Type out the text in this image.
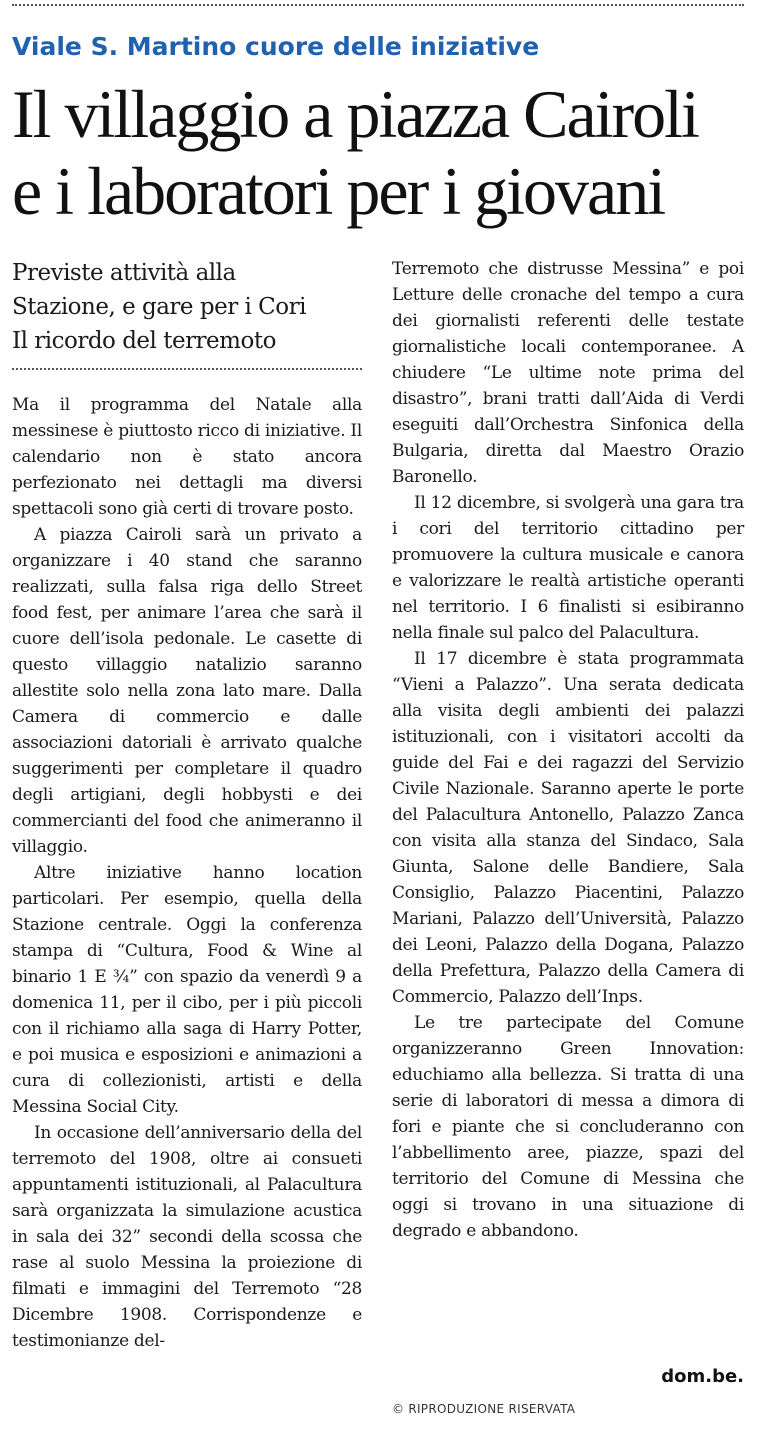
Viale S. Martino cuore delle iniziative
Il villaggio a piazza Cairoli
e i laboratori per i giovani
Previste attività alla
Stazione, e gare per i Cori
Il ricordo del terremoto

Ma il programma del Natale alla messinese è piuttosto ricco di iniziative. Il calendario non è stato ancora perfezionato nei dettagli ma diversi spettacoli sono già certi di trovare posto.

A piazza Cairoli sarà un privato a organizzare i 40 stand che saranno realizzati, sulla falsa riga dello Street food fest, per animare l’area che sarà il cuore dell’isola pedonale. Le casette di questo villaggio natalizio saranno allestite solo nella zona lato mare. Dalla Camera di commercio e dalle associazioni datoriali è arrivato qualche suggerimenti per completare il quadro degli artigiani, degli hobbysti e dei commercianti del food che animeranno il villaggio.

Altre iniziative hanno location particolari. Per esempio, quella della Stazione centrale. Oggi la conferenza stampa di “Cultura, Food & Wine al binario 1 E ¾” con spazio da venerdì 9 a domenica 11, per il cibo, per i più piccoli con il richiamo alla saga di Harry Potter, e poi musica e esposizioni e animazioni a cura di collezionisti, artisti e della Messina Social City.

In occasione dell’anniversario della del terremoto del 1908, oltre ai consueti appuntamenti istituzionali, al Palacultura sarà organizzata la simulazione acustica in sala dei 32” secondi della scossa che rase al suolo Messina la proiezione di filmati e immagini del Terremoto “28 Dicembre 1908. Corrispondenze e testimonianze del-

Terremoto che distrusse Messina” e poi Letture delle cronache del tempo a cura dei giornalisti referenti delle testate giornalistiche locali contemporanee. A chiudere “Le ultime note prima del disastro”, brani tratti dall’Aida di Verdi eseguiti dall’Orchestra Sinfonica della Bulgaria, diretta dal Maestro Orazio Baronello.

Il 12 dicembre, si svolgerà una gara tra i cori del territorio cittadino per promuovere la cultura musicale e canora e valorizzare le realtà artistiche operanti nel territorio. I 6 finalisti si esibiranno nella finale sul palco del Palacultura.

Il 17 dicembre è stata programmata “Vieni a Palazzo”. Una serata dedicata alla visita degli ambienti dei palazzi istituzionali, con i visitatori accolti da guide del Fai e dei ragazzi del Servizio Civile Nazionale. Saranno aperte le porte del Palacultura Antonello, Palazzo Zanca con visita alla stanza del Sindaco, Sala Giunta, Salone delle Bandiere, Sala Consiglio, Palazzo Piacentini, Palazzo Mariani, Palazzo dell’Università, Palazzo dei Leoni, Palazzo della Dogana, Palazzo della Prefettura, Palazzo della Camera di Commercio, Palazzo dell’Inps.

Le tre partecipate del Comune organizzeranno Green Innovation: educhiamo alla bellezza. Si tratta di una serie di laboratori di messa a dimora di fori e piante che si concluderanno con l’abbellimento aree, piazze, spazi del territorio del Comune di Messina che oggi si trovano in una situazione di degrado e abbandono.

dom.be.

© RIPRODUZIONE RISERVATA
